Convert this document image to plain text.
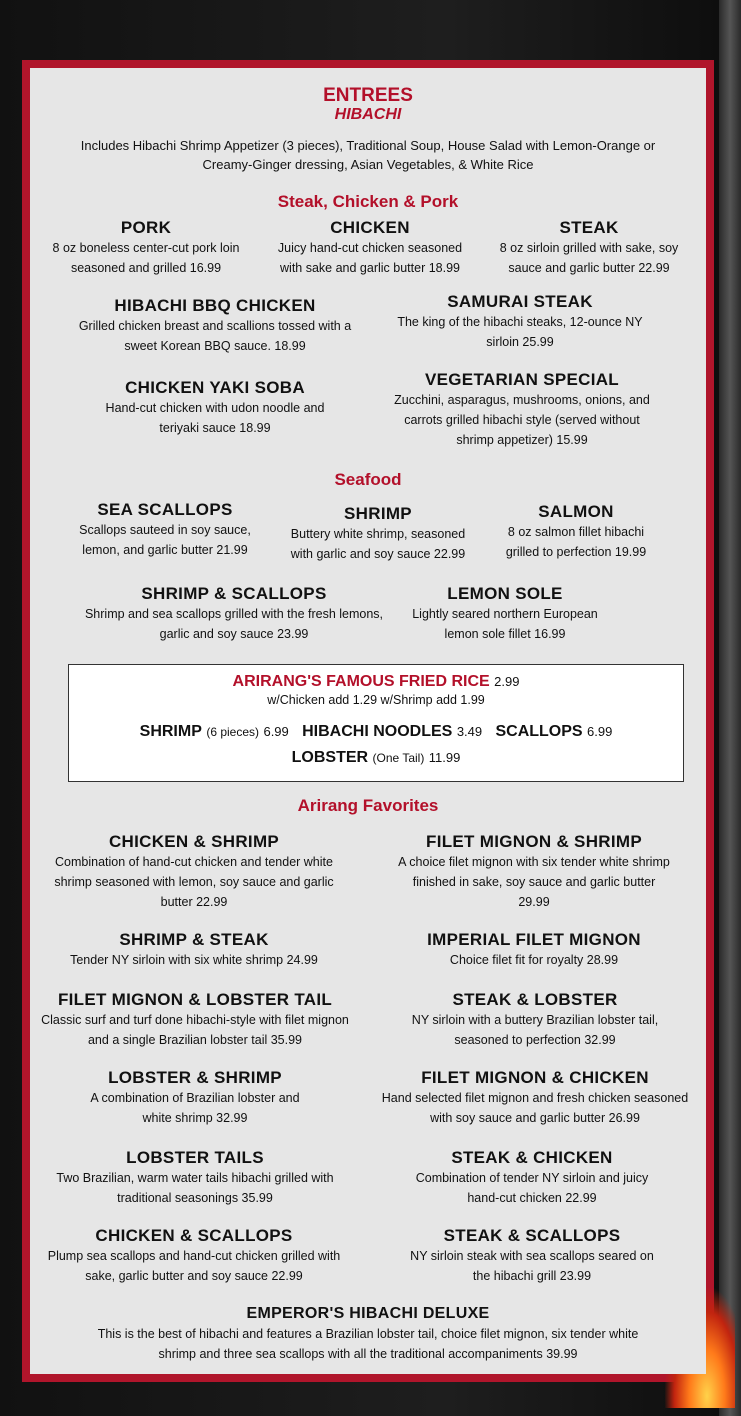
ENTREES
HIBACHI
Includes Hibachi Shrimp Appetizer (3 pieces), Traditional Soup, House Salad with Lemon-Orange or Creamy-Ginger dressing, Asian Vegetables, & White Rice
Steak, Chicken & Pork
PORK
8 oz boneless center-cut pork loin seasoned and grilled 16.99
CHICKEN
Juicy hand-cut chicken seasoned with sake and garlic butter 18.99
STEAK
8 oz sirloin grilled with sake, soy sauce and garlic butter 22.99
HIBACHI BBQ CHICKEN
Grilled chicken breast and scallions tossed with a sweet Korean BBQ sauce. 18.99
SAMURAI STEAK
The king of the hibachi steaks, 12-ounce NY sirloin 25.99
CHICKEN YAKI SOBA
Hand-cut chicken with udon noodle and teriyaki sauce 18.99
VEGETARIAN SPECIAL
Zucchini, asparagus, mushrooms, onions, and carrots grilled hibachi style (served without shrimp appetizer) 15.99
Seafood
SEA SCALLOPS
Scallops sauteed in soy sauce, lemon, and garlic butter 21.99
SHRIMP
Buttery white shrimp, seasoned with garlic and soy sauce 22.99
SALMON
8 oz salmon fillet hibachi grilled to perfection 19.99
SHRIMP & SCALLOPS
Shrimp and sea scallops grilled with the fresh lemons, garlic and soy sauce 23.99
LEMON SOLE
Lightly seared northern European lemon sole fillet 16.99
ARIRANG'S FAMOUS FRIED RICE 2.99
w/Chicken add 1.29 w/Shrimp add 1.99
SHRIMP (6 pieces) 6.99 HIBACHI NOODLES 3.49 SCALLOPS 6.99
LOBSTER (One Tail) 11.99
Arirang Favorites
CHICKEN & SHRIMP
Combination of hand-cut chicken and tender white shrimp seasoned with lemon, soy sauce and garlic butter 22.99
FILET MIGNON & SHRIMP
A choice filet mignon with six tender white shrimp finished in sake, soy sauce and garlic butter 29.99
SHRIMP & STEAK
Tender NY sirloin with six white shrimp 24.99
IMPERIAL FILET MIGNON
Choice filet fit for royalty 28.99
FILET MIGNON & LOBSTER TAIL
Classic surf and turf done hibachi-style with filet mignon and a single Brazilian lobster tail 35.99
STEAK & LOBSTER
NY sirloin with a buttery Brazilian lobster tail, seasoned to perfection 32.99
LOBSTER & SHRIMP
A combination of Brazilian lobster and white shrimp 32.99
FILET MIGNON & CHICKEN
Hand selected filet mignon and fresh chicken seasoned with soy sauce and garlic butter 26.99
LOBSTER TAILS
Two Brazilian, warm water tails hibachi grilled with traditional seasonings 35.99
STEAK & CHICKEN
Combination of tender NY sirloin and juicy hand-cut chicken 22.99
CHICKEN & SCALLOPS
Plump sea scallops and hand-cut chicken grilled with sake, garlic butter and soy sauce 22.99
STEAK & SCALLOPS
NY sirloin steak with sea scallops seared on the hibachi grill 23.99
EMPEROR'S HIBACHI DELUXE
This is the best of hibachi and features a Brazilian lobster tail, choice filet mignon, six tender white shrimp and three sea scallops with all the traditional accompaniments 39.99
